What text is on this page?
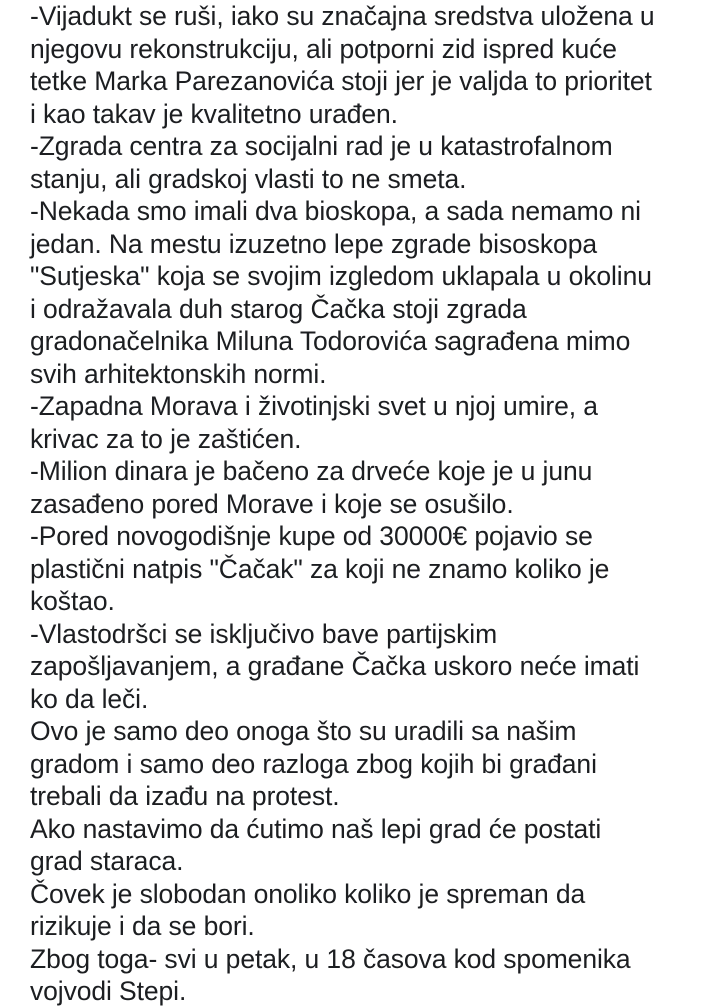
-Vijadukt se ruši, iako su značajna sredstva uložena u
njegovu rekonstrukciju, ali potporni zid ispred kuće
tetke Marka Parezanovića stoji jer je valjda to prioritet
i kao takav je kvalitetno urađen.
-Zgrada centra za socijalni rad je u katastrofalnom
stanju, ali gradskoj vlasti to ne smeta.
-Nekada smo imali dva bioskopa, a sada nemamo ni
jedan. Na mestu izuzetno lepe zgrade bisoskopa
"Sutjeska" koja se svojim izgledom uklapala u okolinu
i odražavala duh starog Čačka stoji zgrada
gradonačelnika Miluna Todorovića sagrađena mimo
svih arhitektonskih normi.
-Zapadna Morava i životinjski svet u njoj umire, a
krivac za to je zaštićen.
-Milion dinara je bačeno za drveće koje je u junu
zasađeno pored Morave i koje se osušilo.
-Pored novogodišnje kupe od 30000€ pojavio se
plastični natpis "Čačak" za koji ne znamo koliko je
koštao.
-Vlastodršci se isključivo bave partijskim
zapošljavanjem, a građane Čačka uskoro neće imati
ko da leči.
Ovo je samo deo onoga što su uradili sa našim
gradom i samo deo razloga zbog kojih bi građani
trebali da izađu na protest.
Ako nastavimo da ćutimo naš lepi grad će postati
grad staraca.
Čovek je slobodan onoliko koliko je spreman da
rizikuje i da se bori.
Zbog toga- svi u petak, u 18 časova kod spomenika
vojvodi Stepi.
